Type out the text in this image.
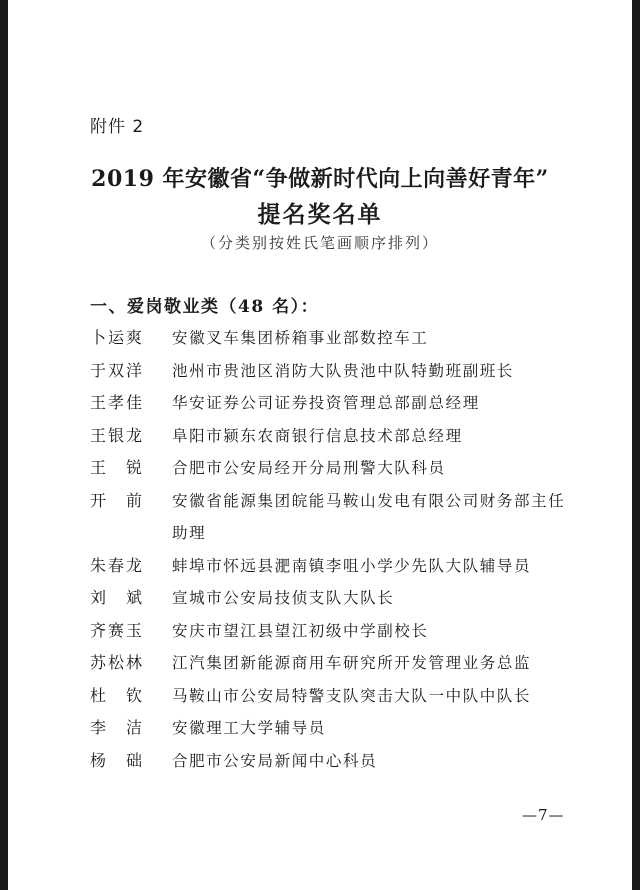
附件 2
2019 年安徽省“争做新时代向上向善好青年”
提名奖名单
（分类别按姓氏笔画顺序排列）
一、爱岗敬业类（48 名）：
卜运爽	安徽叉车集团桥箱事业部数控车工
于双洋	池州市贵池区消防大队贵池中队特勤班副班长
王孝佳	华安证券公司证券投资管理总部副总经理
王银龙	阜阳市颍东农商银行信息技术部总经理
王　锐	合肥市公安局经开分局刑警大队科员
开　前	安徽省能源集团皖能马鞍山发电有限公司财务部主任
助理
朱春龙	蚌埠市怀远县淝南镇李咀小学少先队大队辅导员
刘　斌	宣城市公安局技侦支队大队长
齐赛玉	安庆市望江县望江初级中学副校长
苏松林	江汽集团新能源商用车研究所开发管理业务总监
杜　钦	马鞍山市公安局特警支队突击大队一中队中队长
李　洁	安徽理工大学辅导员
杨　础	合肥市公安局新闻中心科员
—7—
